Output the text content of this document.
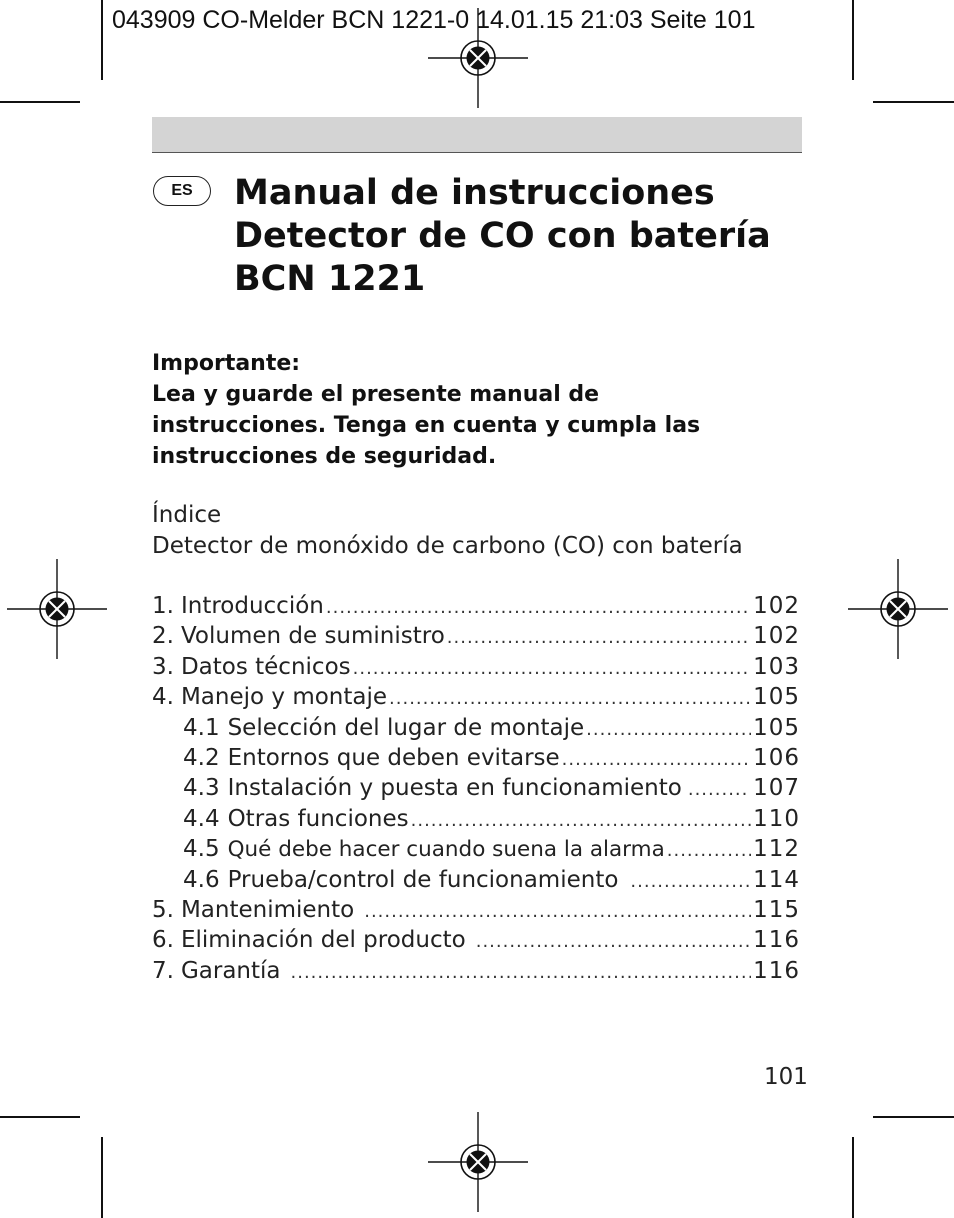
043909 CO-Melder BCN 1221-0 14.01.15 21:03 Seite 101
ES	Manual de instrucciones
Detector de CO con batería
BCN 1221
Importante:
Lea y guarde el presente manual de
instrucciones. Tenga en cuenta y cumpla las
instrucciones de seguridad.
Índice
Detector de monóxido de carbono (CO) con batería
1. Introducción .....	102
2. Volumen de suministro .....	102
3. Datos técnicos .....	103
4. Manejo y montaje .....	105
4.1 Selección del lugar de montaje .....	105
4.2 Entornos que deben evitarse .....	106
4.3 Instalación y puesta en funcionamiento .....	107
4.4 Otras funciones .....	110
4.5 Qué debe hacer cuando suena la alarma .....	112
4.6 Prueba/control de funcionamiento .....	114
5. Mantenimiento .....	115
6. Eliminación del producto .....	116
7. Garantía .....	116
101
